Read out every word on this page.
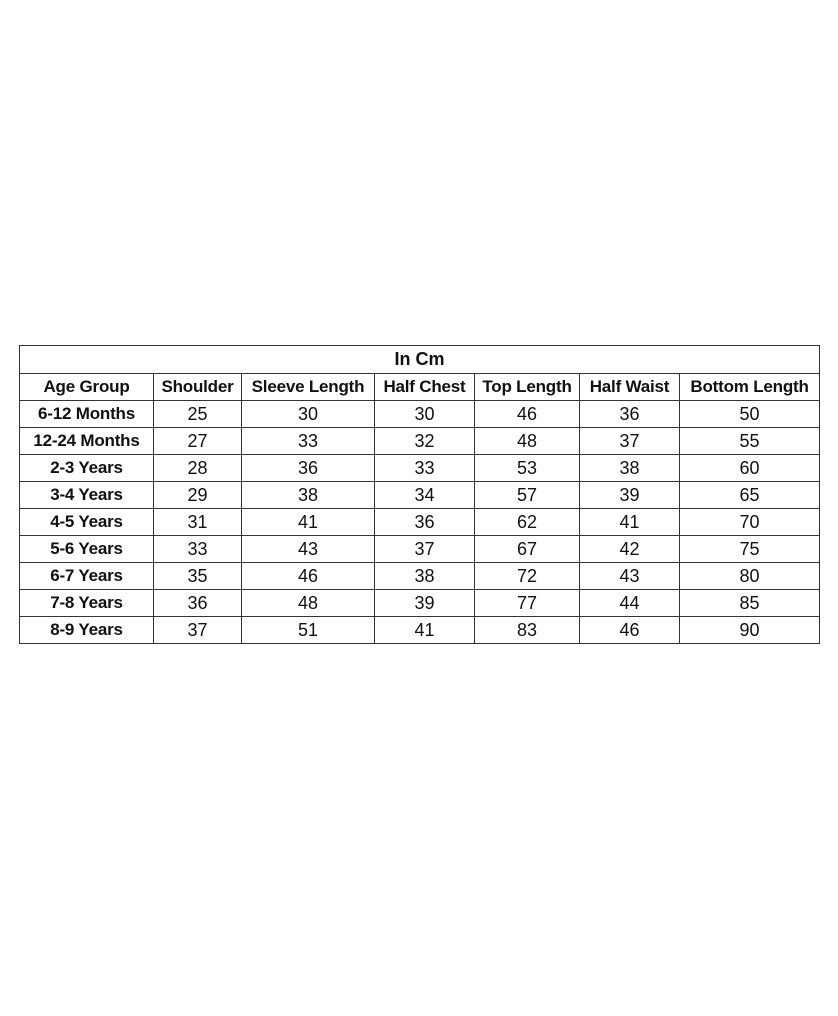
In Cm						
Age Group	Shoulder	Sleeve Length	Half Chest	Top Length	Half Waist	Bottom Length
6-12 Months	25	30	30	46	36	50
12-24 Months	27	33	32	48	37	55
2-3 Years	28	36	33	53	38	60
3-4 Years	29	38	34	57	39	65
4-5 Years	31	41	36	62	41	70
5-6 Years	33	43	37	67	42	75
6-7 Years	35	46	38	72	43	80
7-8 Years	36	48	39	77	44	85
8-9 Years	37	51	41	83	46	90
